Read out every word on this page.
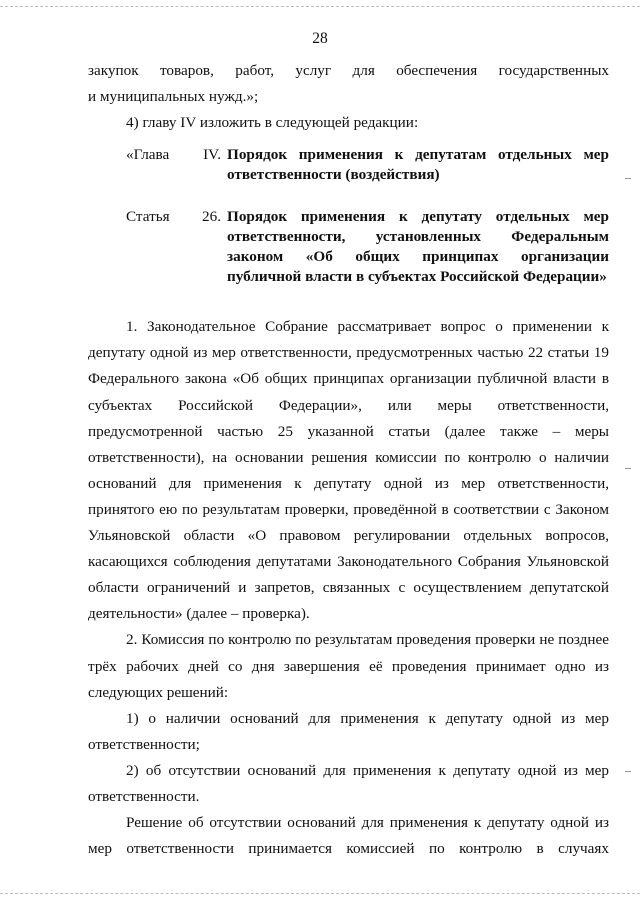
28

закупок товаров, работ, услуг для обеспечения государственных

и муниципальных нужд.»;

4) главу IV изложить в следующей редакции:

«Глава IV. Порядок применения к депутатам отдельных мер ответственности (воздействия)
Статья 26. Порядок применения к депутату отдельных мер ответственности, установленных Федеральным законом «Об общих принципах организации публичной власти в субъектах Российской Федерации»

1. Законодательное Собрание рассматривает вопрос о применении к депутату одной из мер ответственности, предусмотренных частью 22 статьи 19 Федерального закона «Об общих принципах организации публичной власти в субъектах Российской Федерации», или меры ответственности, предусмотренной частью 25 указанной статьи (далее также – меры ответственности), на основании решения комиссии по контролю о наличии оснований для применения к депутату одной из мер ответственности, принятого ею по результатам проверки, проведённой в соответствии с Законом Ульяновской области «О правовом регулировании отдельных вопросов, касающихся соблюдения депутатами Законодательного Собрания Ульяновской области ограничений и запретов, связанных с осуществлением депутатской деятельности» (далее – проверка).

2. Комиссия по контролю по результатам проведения проверки не позднее трёх рабочих дней со дня завершения её проведения принимает одно из следующих решений:

1) о наличии оснований для применения к депутату одной из мер ответственности;

2) об отсутствии оснований для применения к депутату одной из мер ответственности.

Решение об отсутствии оснований для применения к депутату одной из мер ответственности принимается комиссией по контролю в случаях
